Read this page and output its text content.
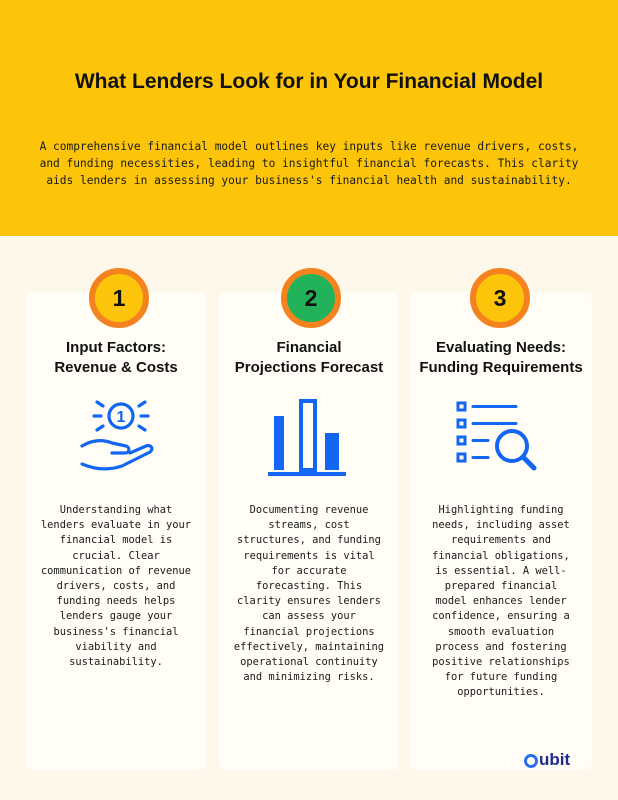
What Lenders Look for in Your Financial Model

A comprehensive financial model outlines key inputs like revenue drivers, costs,
and funding necessities, leading to insightful financial forecasts. This clarity
aids lenders in assessing your business's financial health and sustainability.

1
Input Factors:
Revenue & Costs
1
Understanding what
lenders evaluate in your
financial model is
crucial. Clear
communication of revenue
drivers, costs, and
funding needs helps
lenders gauge your
business's financial
viability and
sustainability.
2
Financial
Projections Forecast
Documenting revenue
streams, cost
structures, and funding
requirements is vital
for accurate
forecasting. This
clarity ensures lenders
can assess your
financial projections
effectively, maintaining
operational continuity
and minimizing risks.
3
Evaluating Needs:
Funding Requirements
Highlighting funding
needs, including asset
requirements and
financial obligations,
is essential. A well-
prepared financial
model enhances lender
confidence, ensuring a
smooth evaluation
process and fostering
positive relationships
for future funding
opportunities.
ubit
